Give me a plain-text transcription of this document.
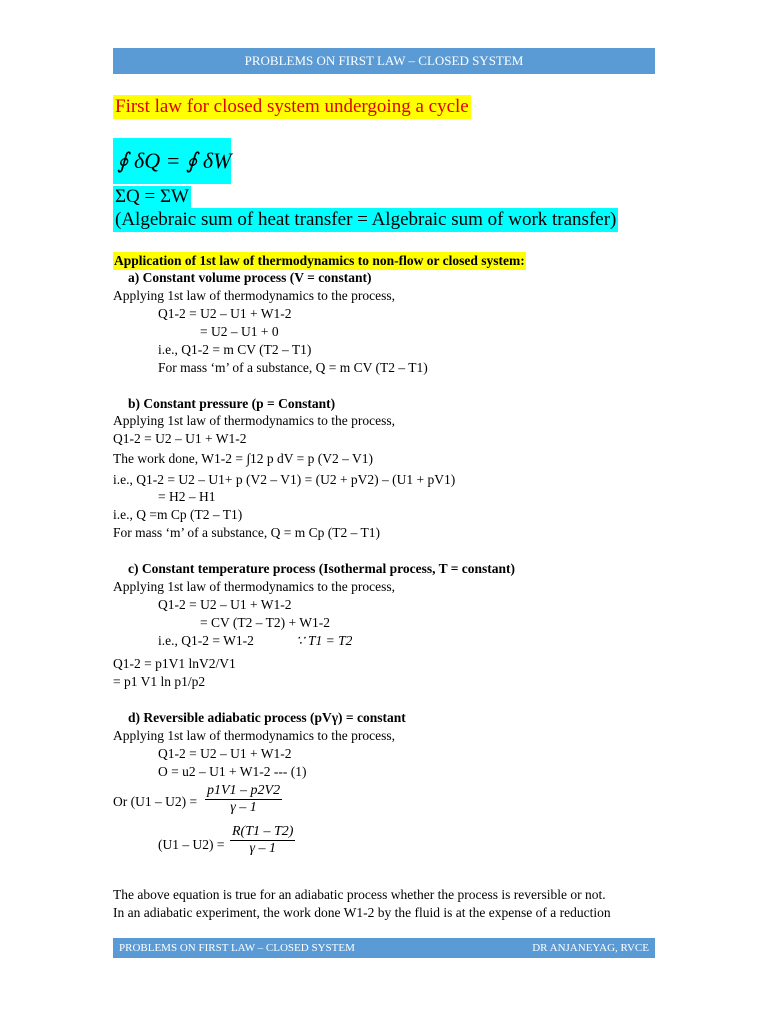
PROBLEMS ON FIRST LAW – CLOSED SYSTEM
First law for closed system undergoing a cycle
∮ δQ = ∮ δW
ΣQ = ΣW
(Algebraic sum of heat transfer = Algebraic sum of work transfer)
Application of 1st law of thermodynamics to non-flow or closed system:
a) Constant volume process (V = constant)
Applying 1st law of thermodynamics to the process,
Q1-2 = U2 – U1 + W1-2
= U2 – U1 + 0
i.e., Q1-2 = m CV (T2 – T1)
For mass ‘m’ of a substance, Q = m CV (T2 – T1)
b) Constant pressure (p = Constant)
Applying 1st law of thermodynamics to the process,
Q1-2 = U2 – U1 + W1-2
The work done, W1-2 = ∫12 p dV = p (V2 – V1)
i.e., Q1-2 = U2 – U1+ p (V2 – V1) = (U2 + pV2) – (U1 + pV1)
= H2 – H1
i.e., Q =m Cp (T2 – T1)
For mass ‘m’ of a substance, Q = m Cp (T2 – T1)
c) Constant temperature process (Isothermal process, T = constant)
Applying 1st law of thermodynamics to the process,
Q1-2 = U2 – U1 + W1-2
= CV (T2 – T2) + W1-2
i.e., Q1-2 = W1-2	∵ T1 = T2
Q1-2 = p1V1 lnV2/V1
= p1 V1 ln p1/p2
d) Reversible adiabatic process (pVγ) = constant
Applying 1st law of thermodynamics to the process,
Q1-2 = U2 – U1 + W1-2
O = u2 – U1 + W1-2 --- (1)
Or $(U1 - U2) = \frac{p1V1 - p2V2}{\gamma - 1}$
$(U1 - U2) = \frac{R(T1 - T2)}{\gamma - 1}$
The above equation is true for an adiabatic process whether the process is reversible or not.
In an adiabatic experiment, the work done W1-2 by the fluid is at the expense of a reduction
PROBLEMS ON FIRST LAW – CLOSED SYSTEM	DR ANJANEYAG, RVCE
